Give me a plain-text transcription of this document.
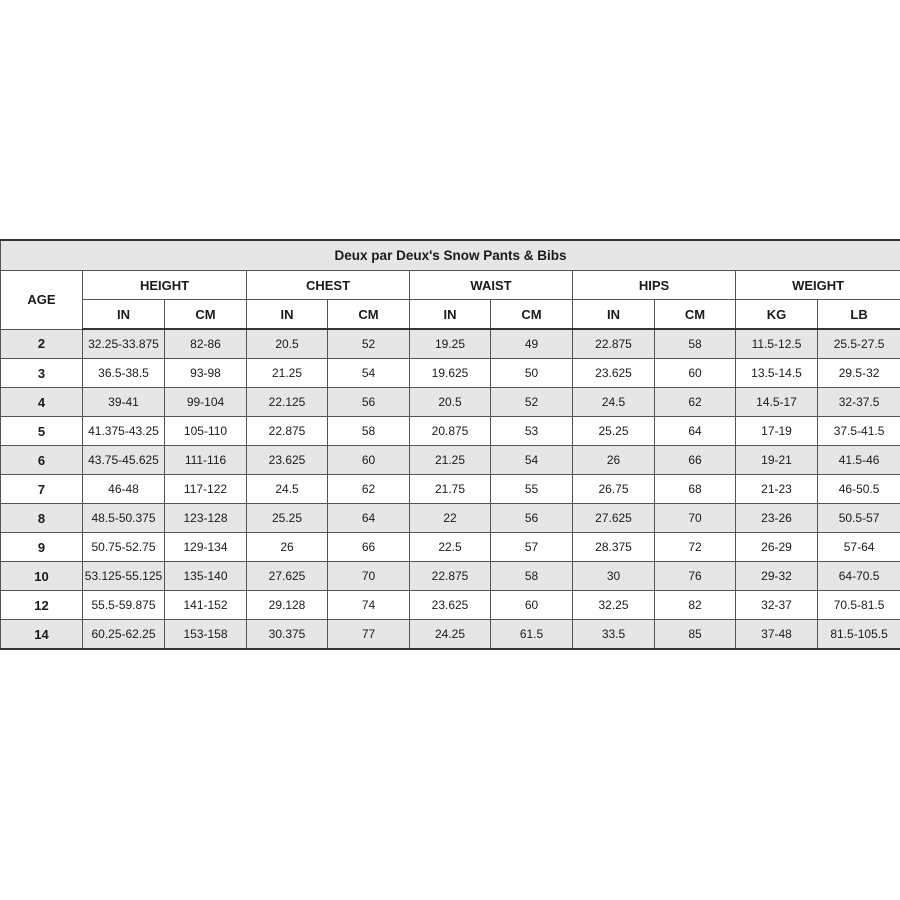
Deux par Deux's Snow Pants & Bibs										
AGE	HEIGHT		CHEST		WAIST		HIPS		WEIGHT	
	IN	CM	IN	CM	IN	CM	IN	CM	KG	LB
2	32.25-33.875	82-86	20.5	52	19.25	49	22.875	58	11.5-12.5	25.5-27.5
3	36.5-38.5	93-98	21.25	54	19.625	50	23.625	60	13.5-14.5	29.5-32
4	39-41	99-104	22.125	56	20.5	52	24.5	62	14.5-17	32-37.5
5	41.375-43.25	105-110	22.875	58	20.875	53	25.25	64	17-19	37.5-41.5
6	43.75-45.625	111-116	23.625	60	21.25	54	26	66	19-21	41.5-46
7	46-48	117-122	24.5	62	21.75	55	26.75	68	21-23	46-50.5
8	48.5-50.375	123-128	25.25	64	22	56	27.625	70	23-26	50.5-57
9	50.75-52.75	129-134	26	66	22.5	57	28.375	72	26-29	57-64
10	53.125-55.125	135-140	27.625	70	22.875	58	30	76	29-32	64-70.5
12	55.5-59.875	141-152	29.128	74	23.625	60	32.25	82	32-37	70.5-81.5
14	60.25-62.25	153-158	30.375	77	24.25	61.5	33.5	85	37-48	81.5-105.5
